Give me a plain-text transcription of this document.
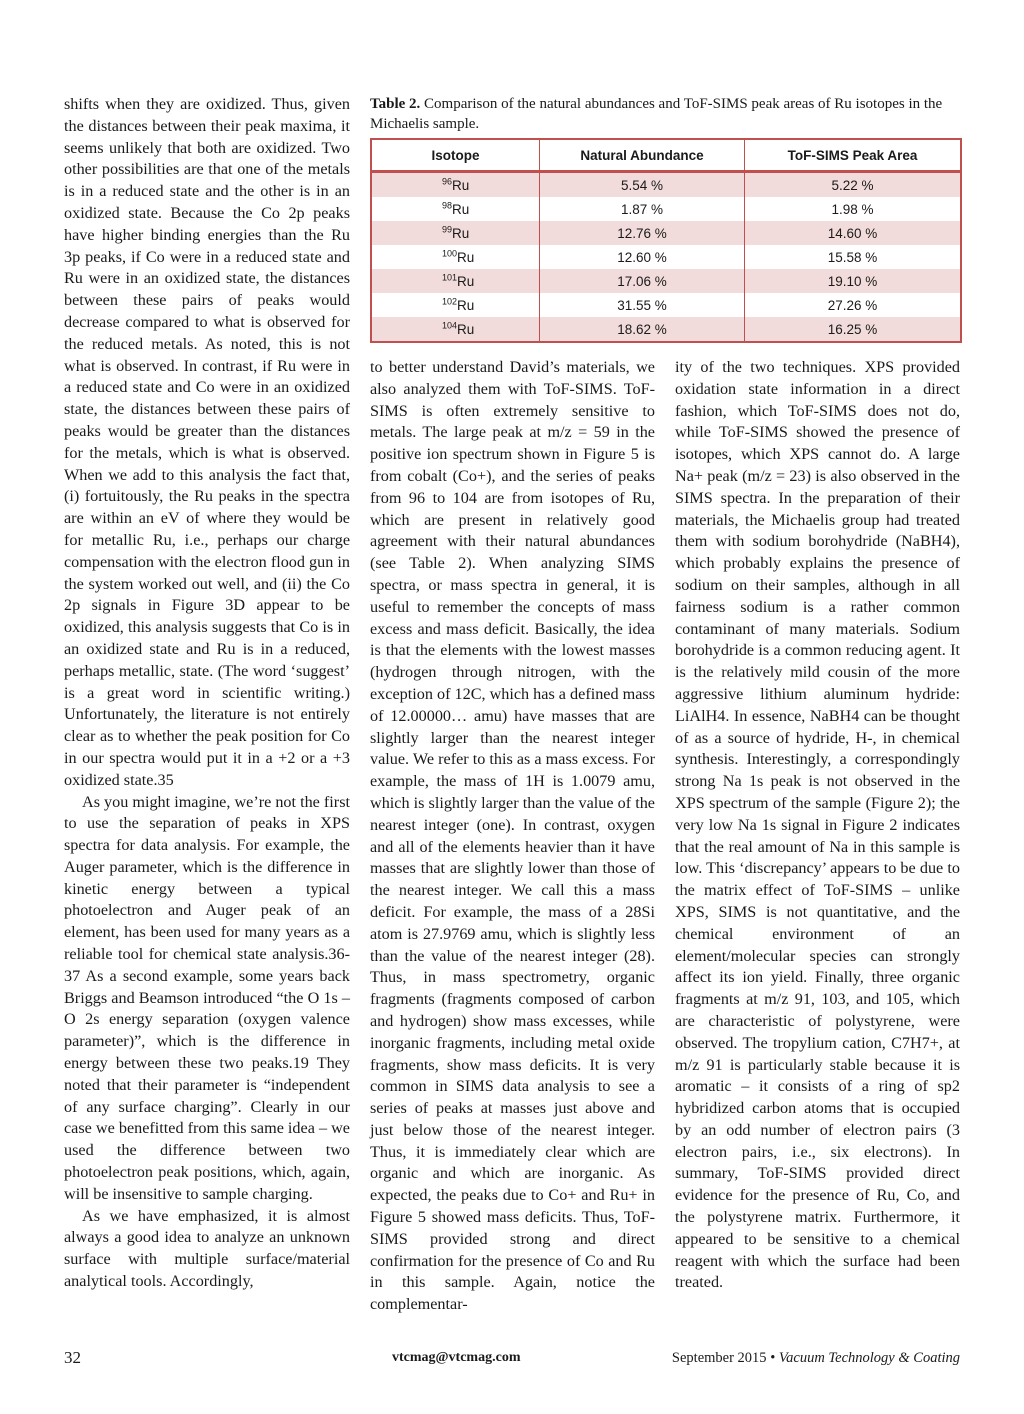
shifts when they are oxidized. Thus, given the distances between their peak maxima, it seems unlikely that both are oxidized. Two other possibilities are that one of the metals is in a reduced state and the other is in an oxidized state. Because the Co 2p peaks have higher binding energies than the Ru 3p peaks, if Co were in a reduced state and Ru were in an oxidized state, the distances between these pairs of peaks would decrease compared to what is observed for the reduced metals. As noted, this is not what is observed. In contrast, if Ru were in a reduced state and Co were in an oxidized state, the distances between these pairs of peaks would be greater than the distances for the metals, which is what is observed. When we add to this analysis the fact that, (i) fortuitously, the Ru peaks in the spectra are within an eV of where they would be for metallic Ru, i.e., perhaps our charge compensation with the electron flood gun in the system worked out well, and (ii) the Co 2p signals in Figure 3D appear to be oxidized, this analysis suggests that Co is in an oxidized state and Ru is in a reduced, perhaps metallic, state. (The word ‘suggest’ is a great word in scientific writing.) Unfortunately, the literature is not entirely clear as to whether the peak position for Co in our spectra would put it in a +2 or a +3 oxidized state.35

As you might imagine, we’re not the first to use the separation of peaks in XPS spectra for data analysis. For example, the Auger parameter, which is the difference in kinetic energy between a typical photoelectron and Auger peak of an element, has been used for many years as a reliable tool for chemical state analysis.36-37 As a second example, some years back Briggs and Beamson introduced “the O 1s – O 2s energy separation (oxygen valence parameter)”, which is the difference in energy between these two peaks.19 They noted that their parameter is “independent of any surface charging”. Clearly in our case we benefitted from this same idea – we used the difference between two photoelectron peak positions, which, again, will be insensitive to sample charging.

As we have emphasized, it is almost always a good idea to analyze an unknown surface with multiple surface/material analytical tools. Accordingly,

Table 2. Comparison of the natural abundances and ToF-SIMS peak areas of Ru isotopes in the Michaelis sample.
Isotope	Natural Abundance	ToF-SIMS Peak Area
$^{96}$Ru	5.54 %	5.22 %
$^{98}$Ru	1.87 %	1.98 %
$^{99}$Ru	12.76 %	14.60 %
$^{100}$Ru	12.60 %	15.58 %
$^{101}$Ru	17.06 %	19.10 %
$^{102}$Ru	31.55 %	27.26 %
$^{104}$Ru	18.62 %	16.25 %

to better understand David’s materials, we also analyzed them with ToF-SIMS. ToF-SIMS is often extremely sensitive to metals. The large peak at m/z = 59 in the positive ion spectrum shown in Figure 5 is from cobalt (Co+), and the series of peaks from 96 to 104 are from isotopes of Ru, which are present in relatively good agreement with their natural abundances (see Table 2). When analyzing SIMS spectra, or mass spectra in general, it is useful to remember the concepts of mass excess and mass deficit. Basically, the idea is that the elements with the lowest masses (hydrogen through nitrogen, with the exception of 12C, which has a defined mass of 12.00000… amu) have masses that are slightly larger than the nearest integer value. We refer to this as a mass excess. For example, the mass of 1H is 1.0079 amu, which is slightly larger than the value of the nearest integer (one). In contrast, oxygen and all of the elements heavier than it have masses that are slightly lower than those of the nearest integer. We call this a mass deficit. For example, the mass of a 28Si atom is 27.9769 amu, which is slightly less than the value of the nearest integer (28). Thus, in mass spectrometry, organic fragments (fragments composed of carbon and hydrogen) show mass excesses, while inorganic fragments, including metal oxide fragments, show mass deficits. It is very common in SIMS data analysis to see a series of peaks at masses just above and just below those of the nearest integer. Thus, it is immediately clear which are organic and which are inorganic. As expected, the peaks due to Co+ and Ru+ in Figure 5 showed mass deficits. Thus, ToF-SIMS provided strong and direct confirmation for the presence of Co and Ru in this sample. Again, notice the complementar-

ity of the two techniques. XPS provided oxidation state information in a direct fashion, which ToF-SIMS does not do, while ToF-SIMS showed the presence of isotopes, which XPS cannot do. A large Na+ peak (m/z = 23) is also observed in the SIMS spectra. In the preparation of their materials, the Michaelis group had treated them with sodium borohydride (NaBH4), which probably explains the presence of sodium on their samples, although in all fairness sodium is a rather common contaminant of many materials. Sodium borohydride is a common reducing agent. It is the relatively mild cousin of the more aggressive lithium aluminum hydride: LiAlH4. In essence, NaBH4 can be thought of as a source of hydride, H-, in chemical synthesis. Interestingly, a correspondingly strong Na 1s peak is not observed in the XPS spectrum of the sample (Figure 2); the very low Na 1s signal in Figure 2 indicates that the real amount of Na in this sample is low. This ‘discrepancy’ appears to be due to the matrix effect of ToF-SIMS – unlike XPS, SIMS is not quantitative, and the chemical environment of an element/molecular species can strongly affect its ion yield. Finally, three organic fragments at m/z 91, 103, and 105, which are characteristic of polystyrene, were observed. The tropylium cation, C7H7+, at m/z 91 is particularly stable because it is aromatic – it consists of a ring of sp2 hybridized carbon atoms that is occupied by an odd number of electron pairs (3 electron pairs, i.e., six electrons). In summary, ToF-SIMS provided direct evidence for the presence of Ru, Co, and the polystyrene matrix. Furthermore, it appeared to be sensitive to a chemical reagent with which the surface had been treated.

32	vtcmag@vtcmag.com	September 2015 • Vacuum Technology & Coating
